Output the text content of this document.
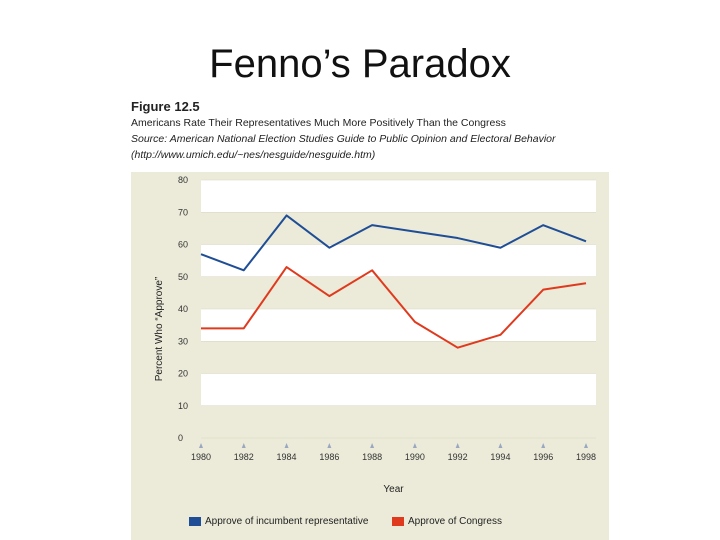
Fenno’s Paradox
Figure 12.5
Americans Rate Their Representatives Much More Positively Than the Congress
Source: American National Election Studies Guide to Public Opinion and Electoral Behavior
(http://www.umich.edu/~nes/nesguide/nesguide.htm)
0
10
20
30
40
50
60
70
80
Percent Who “Approve”
1980	1982	1984	1986	1988	1990	1992	1994	1996	1998
Year
Approve of incumbent representative	Approve of Congress
